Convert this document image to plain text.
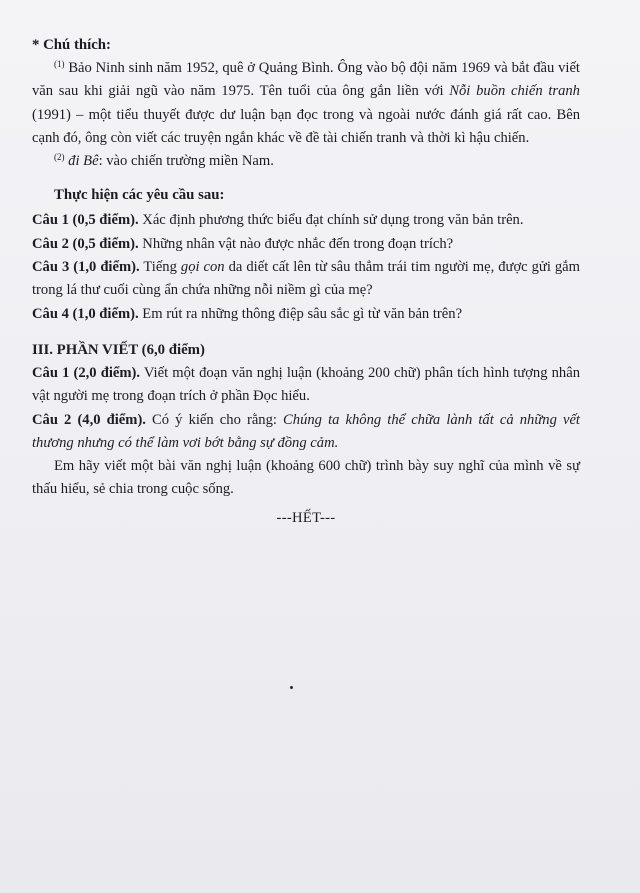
* Chú thích:

$^{(1)}$ Bảo Ninh sinh năm 1952, quê ở Quảng Bình. Ông vào bộ đội năm 1969 và bắt đầu viết văn sau khi giải ngũ vào năm 1975. Tên tuổi của ông gắn liền với Nỗi buồn chiến tranh (1991) – một tiểu thuyết được dư luận bạn đọc trong và ngoài nước đánh giá rất cao. Bên cạnh đó, ông còn viết các truyện ngắn khác về đề tài chiến tranh và thời kì hậu chiến.

$^{(2)}$ đi Bê: vào chiến trường miền Nam.

Thực hiện các yêu cầu sau:

Câu 1 (0,5 điểm). Xác định phương thức biểu đạt chính sử dụng trong văn bản trên.

Câu 2 (0,5 điểm). Những nhân vật nào được nhắc đến trong đoạn trích?

Câu 3 (1,0 điểm). Tiếng gọi con da diết cất lên từ sâu thẳm trái tim người mẹ, được gửi gắm trong lá thư cuối cùng ẩn chứa những nỗi niềm gì của mẹ?

Câu 4 (1,0 điểm). Em rút ra những thông điệp sâu sắc gì từ văn bản trên?

III. PHẦN VIẾT (6,0 điểm)

Câu 1 (2,0 điểm). Viết một đoạn văn nghị luận (khoảng 200 chữ) phân tích hình tượng nhân vật người mẹ trong đoạn trích ở phần Đọc hiểu.

Câu 2 (4,0 điểm). Có ý kiến cho rằng: Chúng ta không thể chữa lành tất cả những vết thương nhưng có thể làm vơi bớt bằng sự đồng cảm.

Em hãy viết một bài văn nghị luận (khoảng 600 chữ) trình bày suy nghĩ của mình về sự thấu hiểu, sẻ chia trong cuộc sống.

---HẾT---
